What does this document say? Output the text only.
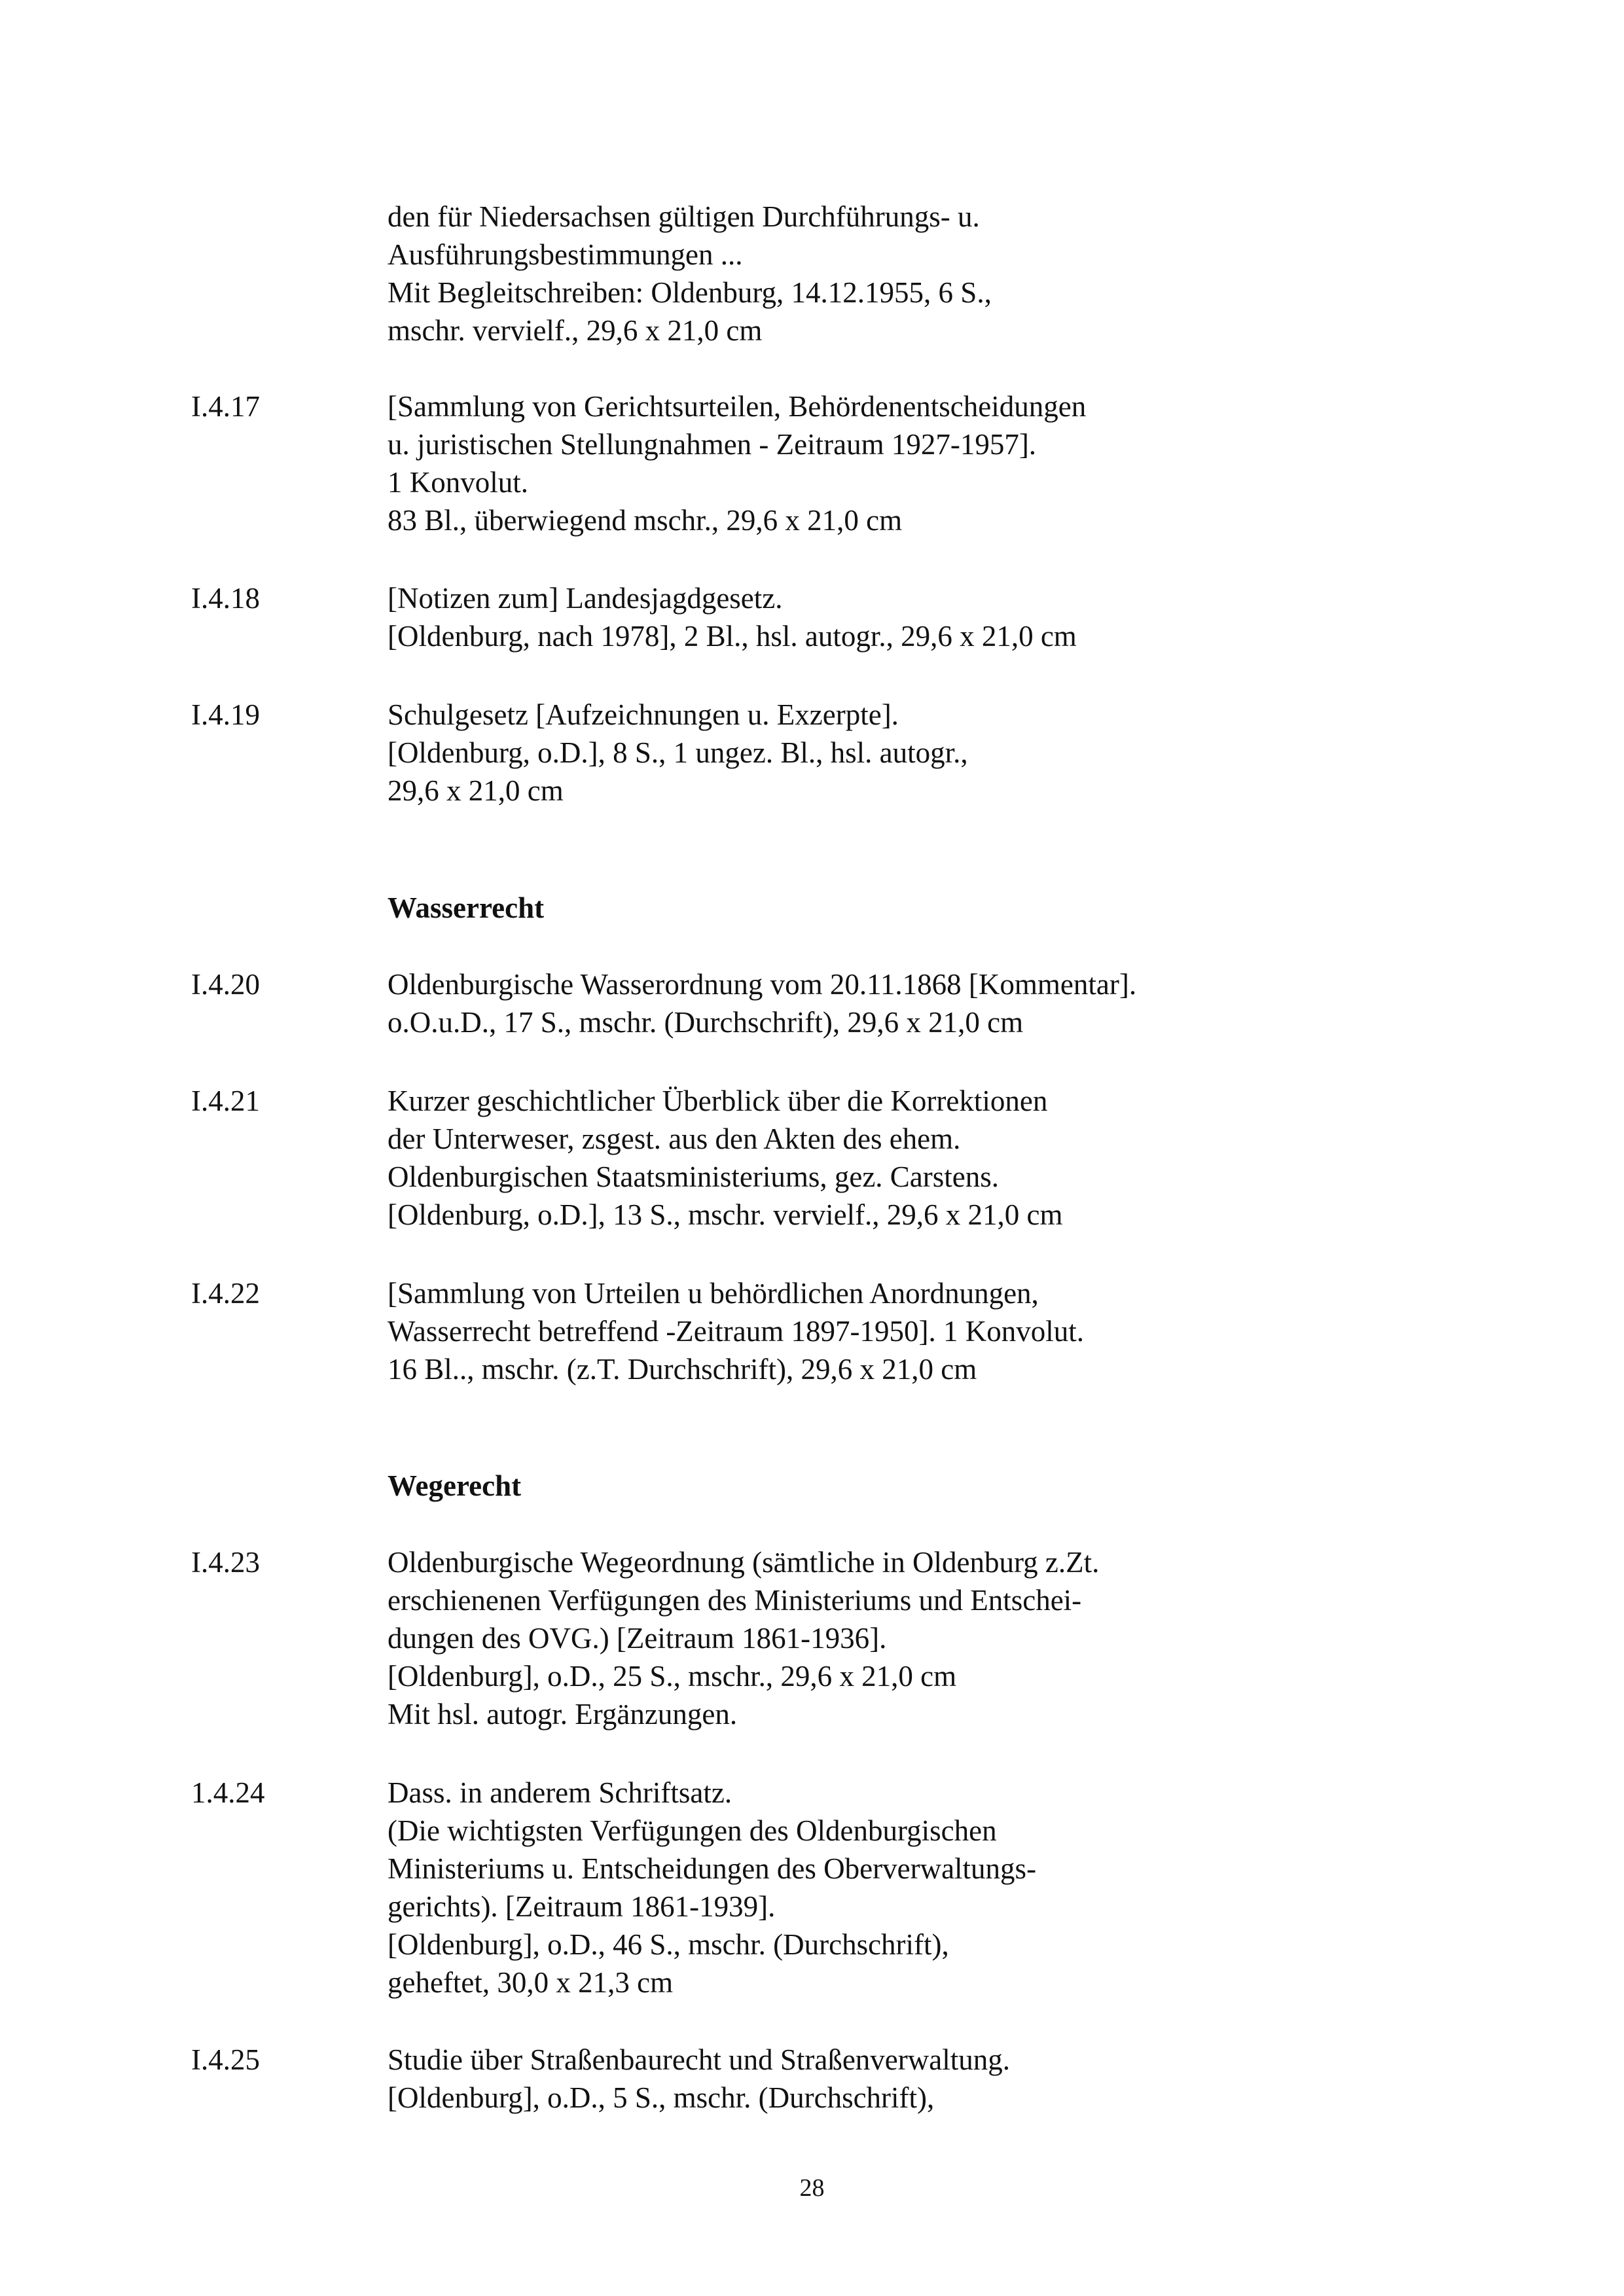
den für Niedersachsen gültigen Durchführungs- u.
Ausführungsbestimmungen ...
Mit Begleitschreiben: Oldenburg, 14.12.1955, 6 S.,
mschr. vervielf., 29,6 x 21,0 cm
I.4.17	[Sammlung von Gerichtsurteilen, Behördenentscheidungen
u. juristischen Stellungnahmen - Zeitraum 1927-1957].
1 Konvolut.
83 Bl., überwiegend mschr., 29,6 x 21,0 cm
I.4.18	[Notizen zum] Landesjagdgesetz.
[Oldenburg, nach 1978], 2 Bl., hsl. autogr., 29,6 x 21,0 cm
I.4.19	Schulgesetz [Aufzeichnungen u. Exzerpte].
[Oldenburg, o.D.], 8 S., 1 ungez. Bl., hsl. autogr.,
29,6 x 21,0 cm
Wasserrecht
I.4.20	Oldenburgische Wasserordnung vom 20.11.1868 [Kommentar].
o.O.u.D., 17 S., mschr. (Durchschrift), 29,6 x 21,0 cm
I.4.21	Kurzer geschichtlicher Überblick über die Korrektionen
der Unterweser, zsgest. aus den Akten des ehem.
Oldenburgischen Staatsministeriums, gez. Carstens.
[Oldenburg, o.D.], 13 S., mschr. vervielf., 29,6 x 21,0 cm
I.4.22	[Sammlung von Urteilen u behördlichen Anordnungen,
Wasserrecht betreffend -Zeitraum 1897-1950]. 1 Konvolut.
16 Bl.., mschr. (z.T. Durchschrift), 29,6 x 21,0 cm
Wegerecht
I.4.23	Oldenburgische Wegeordnung (sämtliche in Oldenburg z.Zt.
erschienenen Verfügungen des Ministeriums und Entschei-
dungen des OVG.) [Zeitraum 1861-1936].
[Oldenburg], o.D., 25 S., mschr., 29,6 x 21,0 cm
Mit hsl. autogr. Ergänzungen.
1.4.24	Dass. in anderem Schriftsatz.
(Die wichtigsten Verfügungen des Oldenburgischen
Ministeriums u. Entscheidungen des Oberverwaltungs-
gerichts). [Zeitraum 1861-1939].
[Oldenburg], o.D., 46 S., mschr. (Durchschrift),
geheftet, 30,0 x 21,3 cm
I.4.25	Studie über Straßenbaurecht und Straßenverwaltung.
[Oldenburg], o.D., 5 S., mschr. (Durchschrift),
28
